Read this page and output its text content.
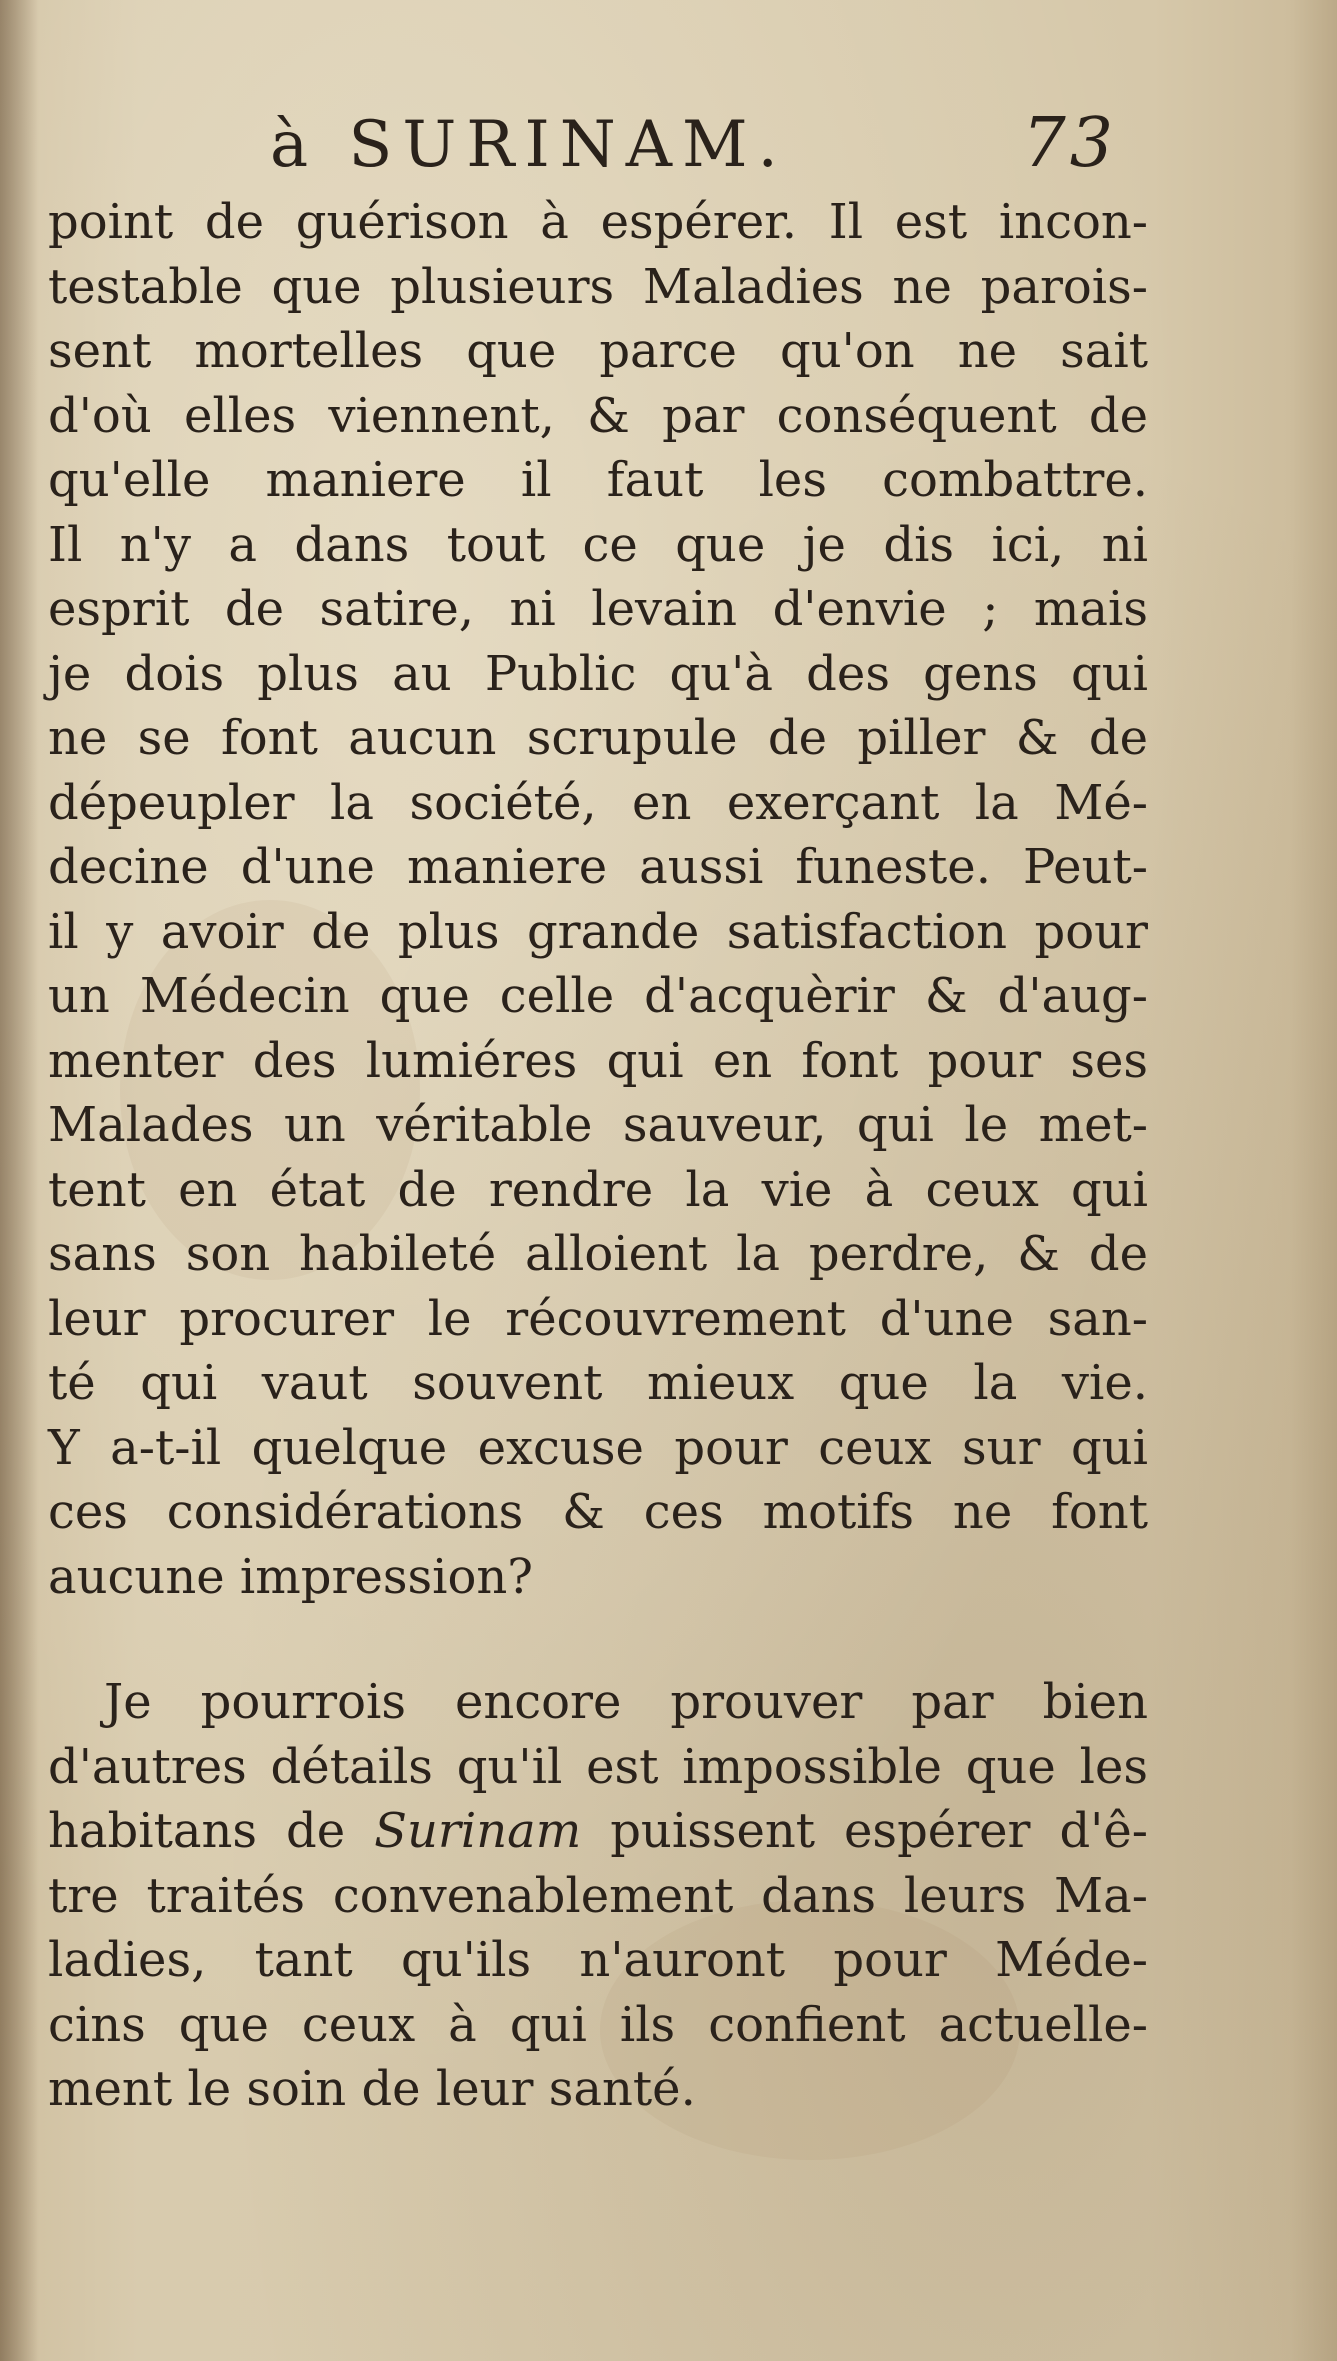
à SURINAM.	73

point de guérison à espérer. Il est incon-
testable que plusieurs Maladies ne parois-
sent mortelles que parce qu'on ne sait
d'où elles viennent, & par conséquent de
qu'elle maniere il faut les combattre.
Il n'y a dans tout ce que je dis ici, ni
esprit de satire, ni levain d'envie ; mais
je dois plus au Public qu'à des gens qui
ne se font aucun scrupule de piller & de
dépeupler la société, en exerçant la Mé-
decine d'une maniere aussi funeste. Peut-
il y avoir de plus grande satisfaction pour
un Médecin que celle d'acquèrir & d'aug-
menter des lumiéres qui en font pour ses
Malades un véritable sauveur, qui le met-
tent en état de rendre la vie à ceux qui
sans son habileté alloient la perdre, & de
leur procurer le récouvrement d'une san-
té qui vaut souvent mieux que la vie.
Y a-t-il quelque excuse pour ceux sur qui
ces considérations & ces motifs ne font
aucune impression?

Je pourrois encore prouver par bien
d'autres détails qu'il est impossible que les
habitans de Surinam puissent espérer d'ê-
tre traités convenablement dans leurs Ma-
ladies, tant qu'ils n'auront pour Méde-
cins que ceux à qui ils confient actuelle-
ment le soin de leur santé.
